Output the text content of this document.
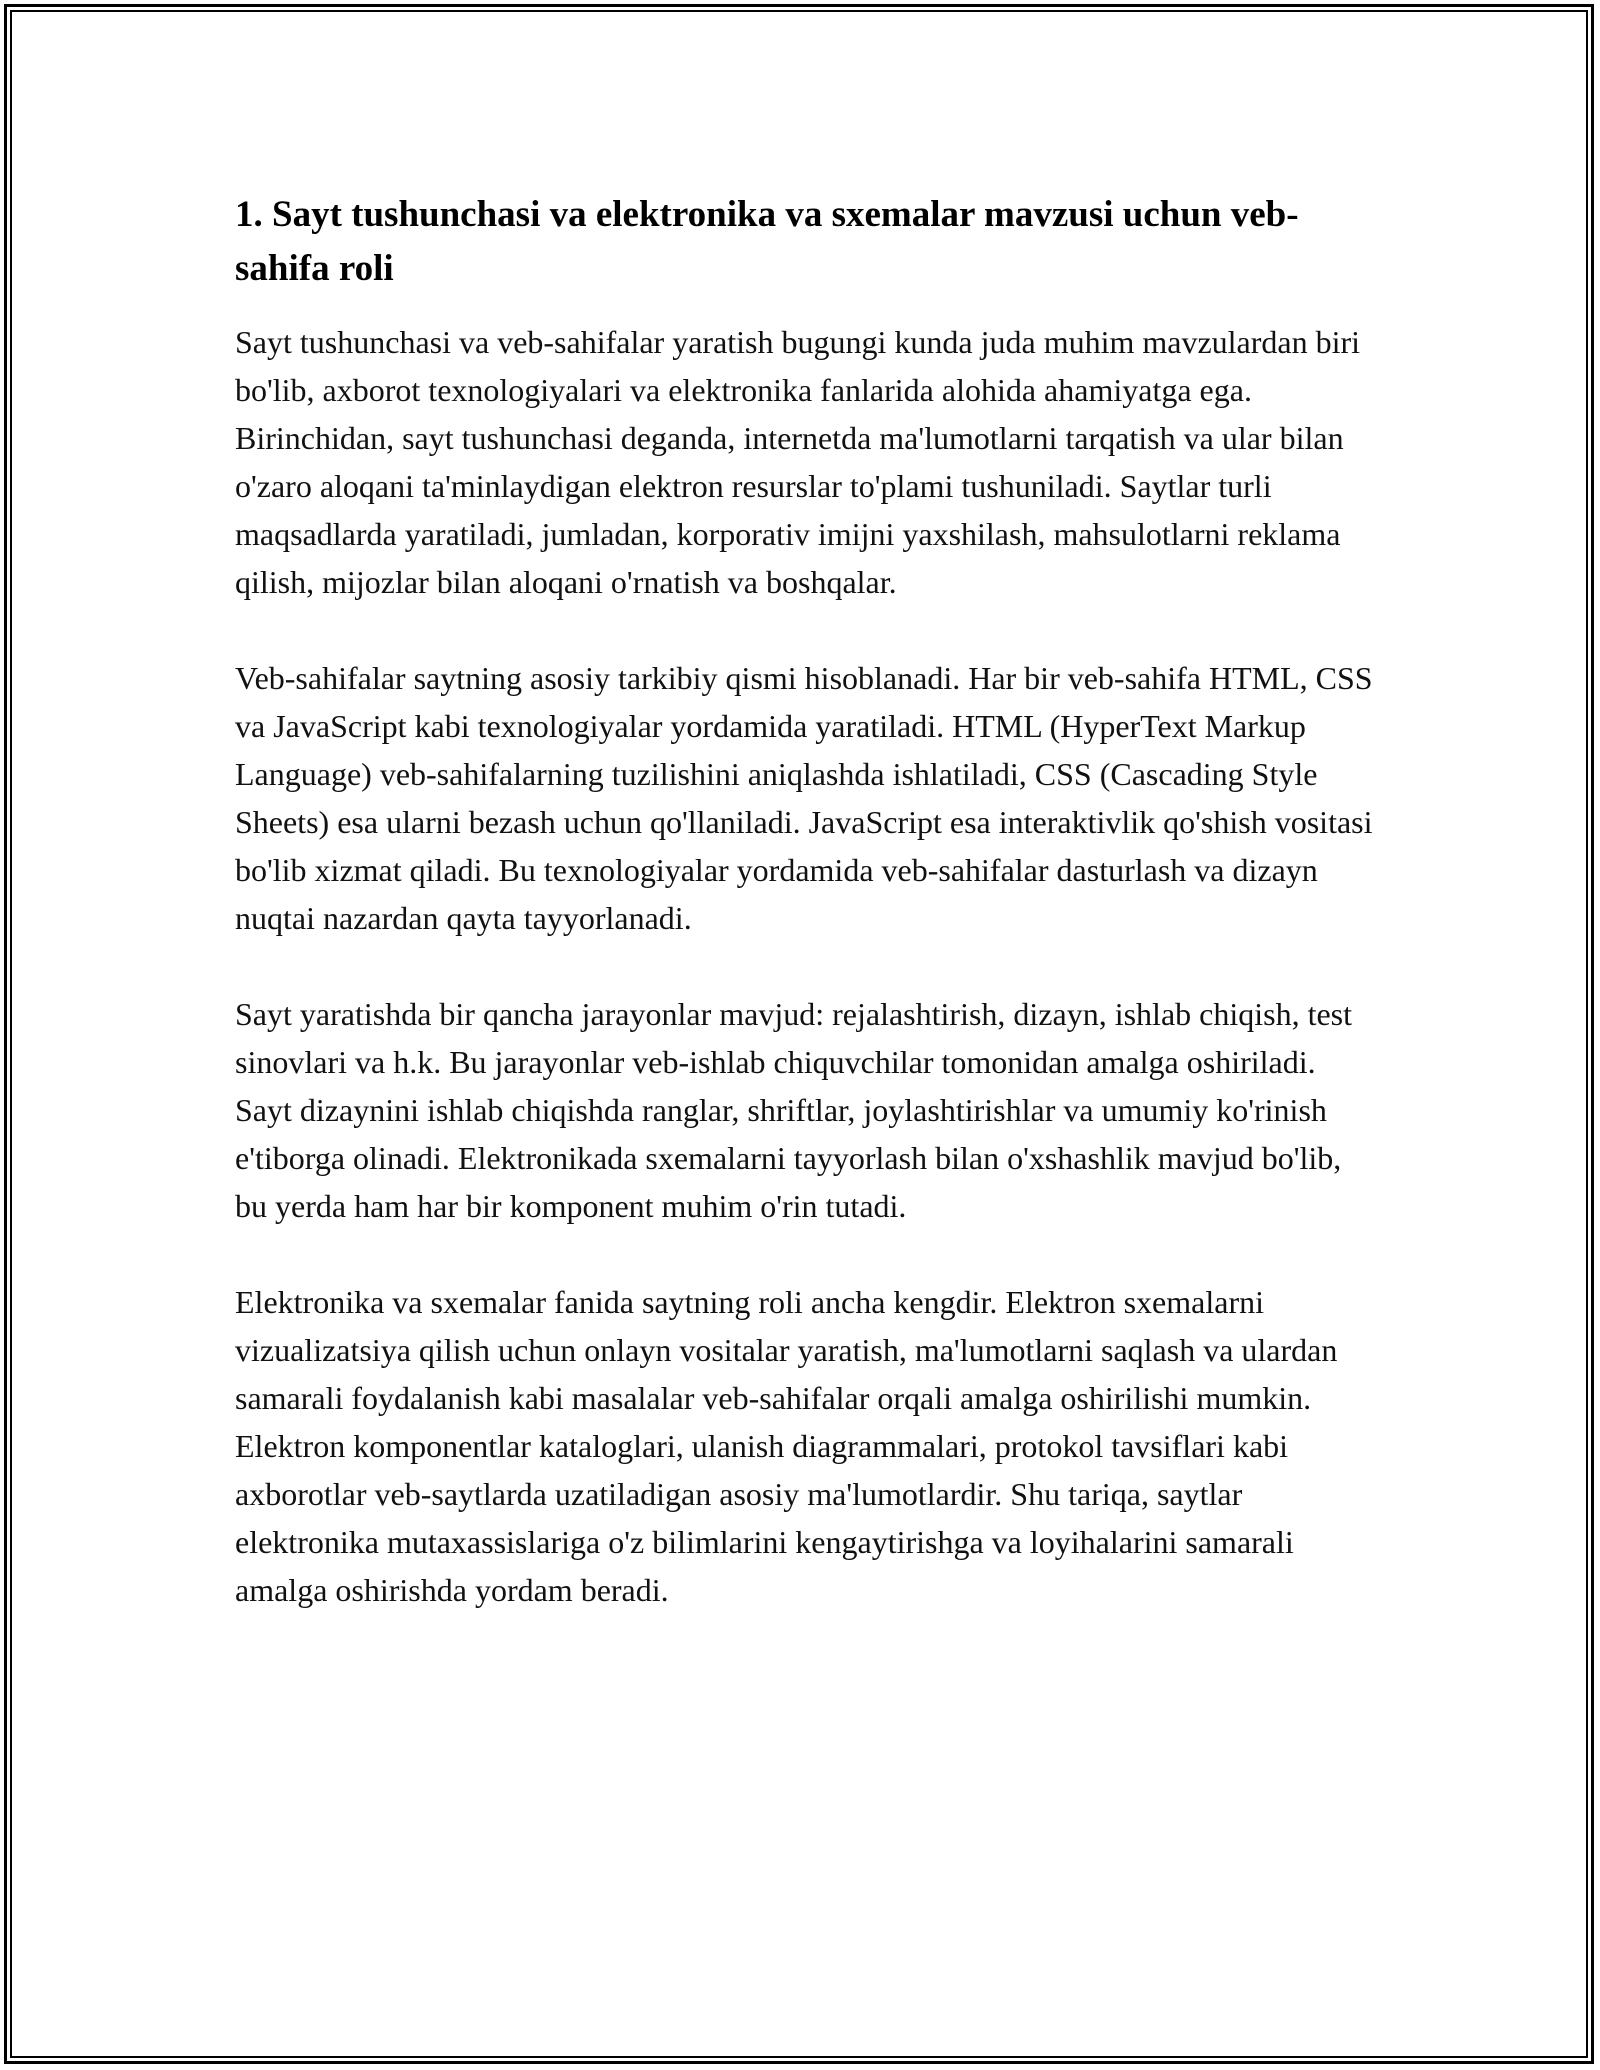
1. Sayt tushunchasi va elektronika va sxemalar mavzusi uchun veb-sahifa roli

Sayt tushunchasi va veb-sahifalar yaratish bugungi kunda juda muhim mavzulardan biri bo'lib, axborot texnologiyalari va elektronika fanlarida alohida ahamiyatga ega. Birinchidan, sayt tushunchasi deganda, internetda ma'lumotlarni tarqatish va ular bilan o'zaro aloqani ta'minlaydigan elektron resurslar to'plami tushuniladi. Saytlar turli maqsadlarda yaratiladi, jumladan, korporativ imijni yaxshilash, mahsulotlarni reklama qilish, mijozlar bilan aloqani o'rnatish va boshqalar.

Veb-sahifalar saytning asosiy tarkibiy qismi hisoblanadi. Har bir veb-sahifa HTML, CSS va JavaScript kabi texnologiyalar yordamida yaratiladi. HTML (HyperText Markup Language) veb-sahifalarning tuzilishini aniqlashda ishlatiladi, CSS (Cascading Style Sheets) esa ularni bezash uchun qo'llaniladi. JavaScript esa interaktivlik qo'shish vositasi bo'lib xizmat qiladi. Bu texnologiyalar yordamida veb-sahifalar dasturlash va dizayn nuqtai nazardan qayta tayyorlanadi.

Sayt yaratishda bir qancha jarayonlar mavjud: rejalashtirish, dizayn, ishlab chiqish, test sinovlari va h.k. Bu jarayonlar veb-ishlab chiquvchilar tomonidan amalga oshiriladi. Sayt dizaynini ishlab chiqishda ranglar, shriftlar, joylashtirishlar va umumiy ko'rinish e'tiborga olinadi. Elektronikada sxemalarni tayyorlash bilan o'xshashlik mavjud bo'lib, bu yerda ham har bir komponent muhim o'rin tutadi.

Elektronika va sxemalar fanida saytning roli ancha kengdir. Elektron sxemalarni vizualizatsiya qilish uchun onlayn vositalar yaratish, ma'lumotlarni saqlash va ulardan samarali foydalanish kabi masalalar veb-sahifalar orqali amalga oshirilishi mumkin. Elektron komponentlar kataloglari, ulanish diagrammalari, protokol tavsiflari kabi axborotlar veb-saytlarda uzatiladigan asosiy ma'lumotlardir. Shu tariqa, saytlar elektronika mutaxassislariga o'z bilimlarini kengaytirishga va loyihalarini samarali amalga oshirishda yordam beradi.
